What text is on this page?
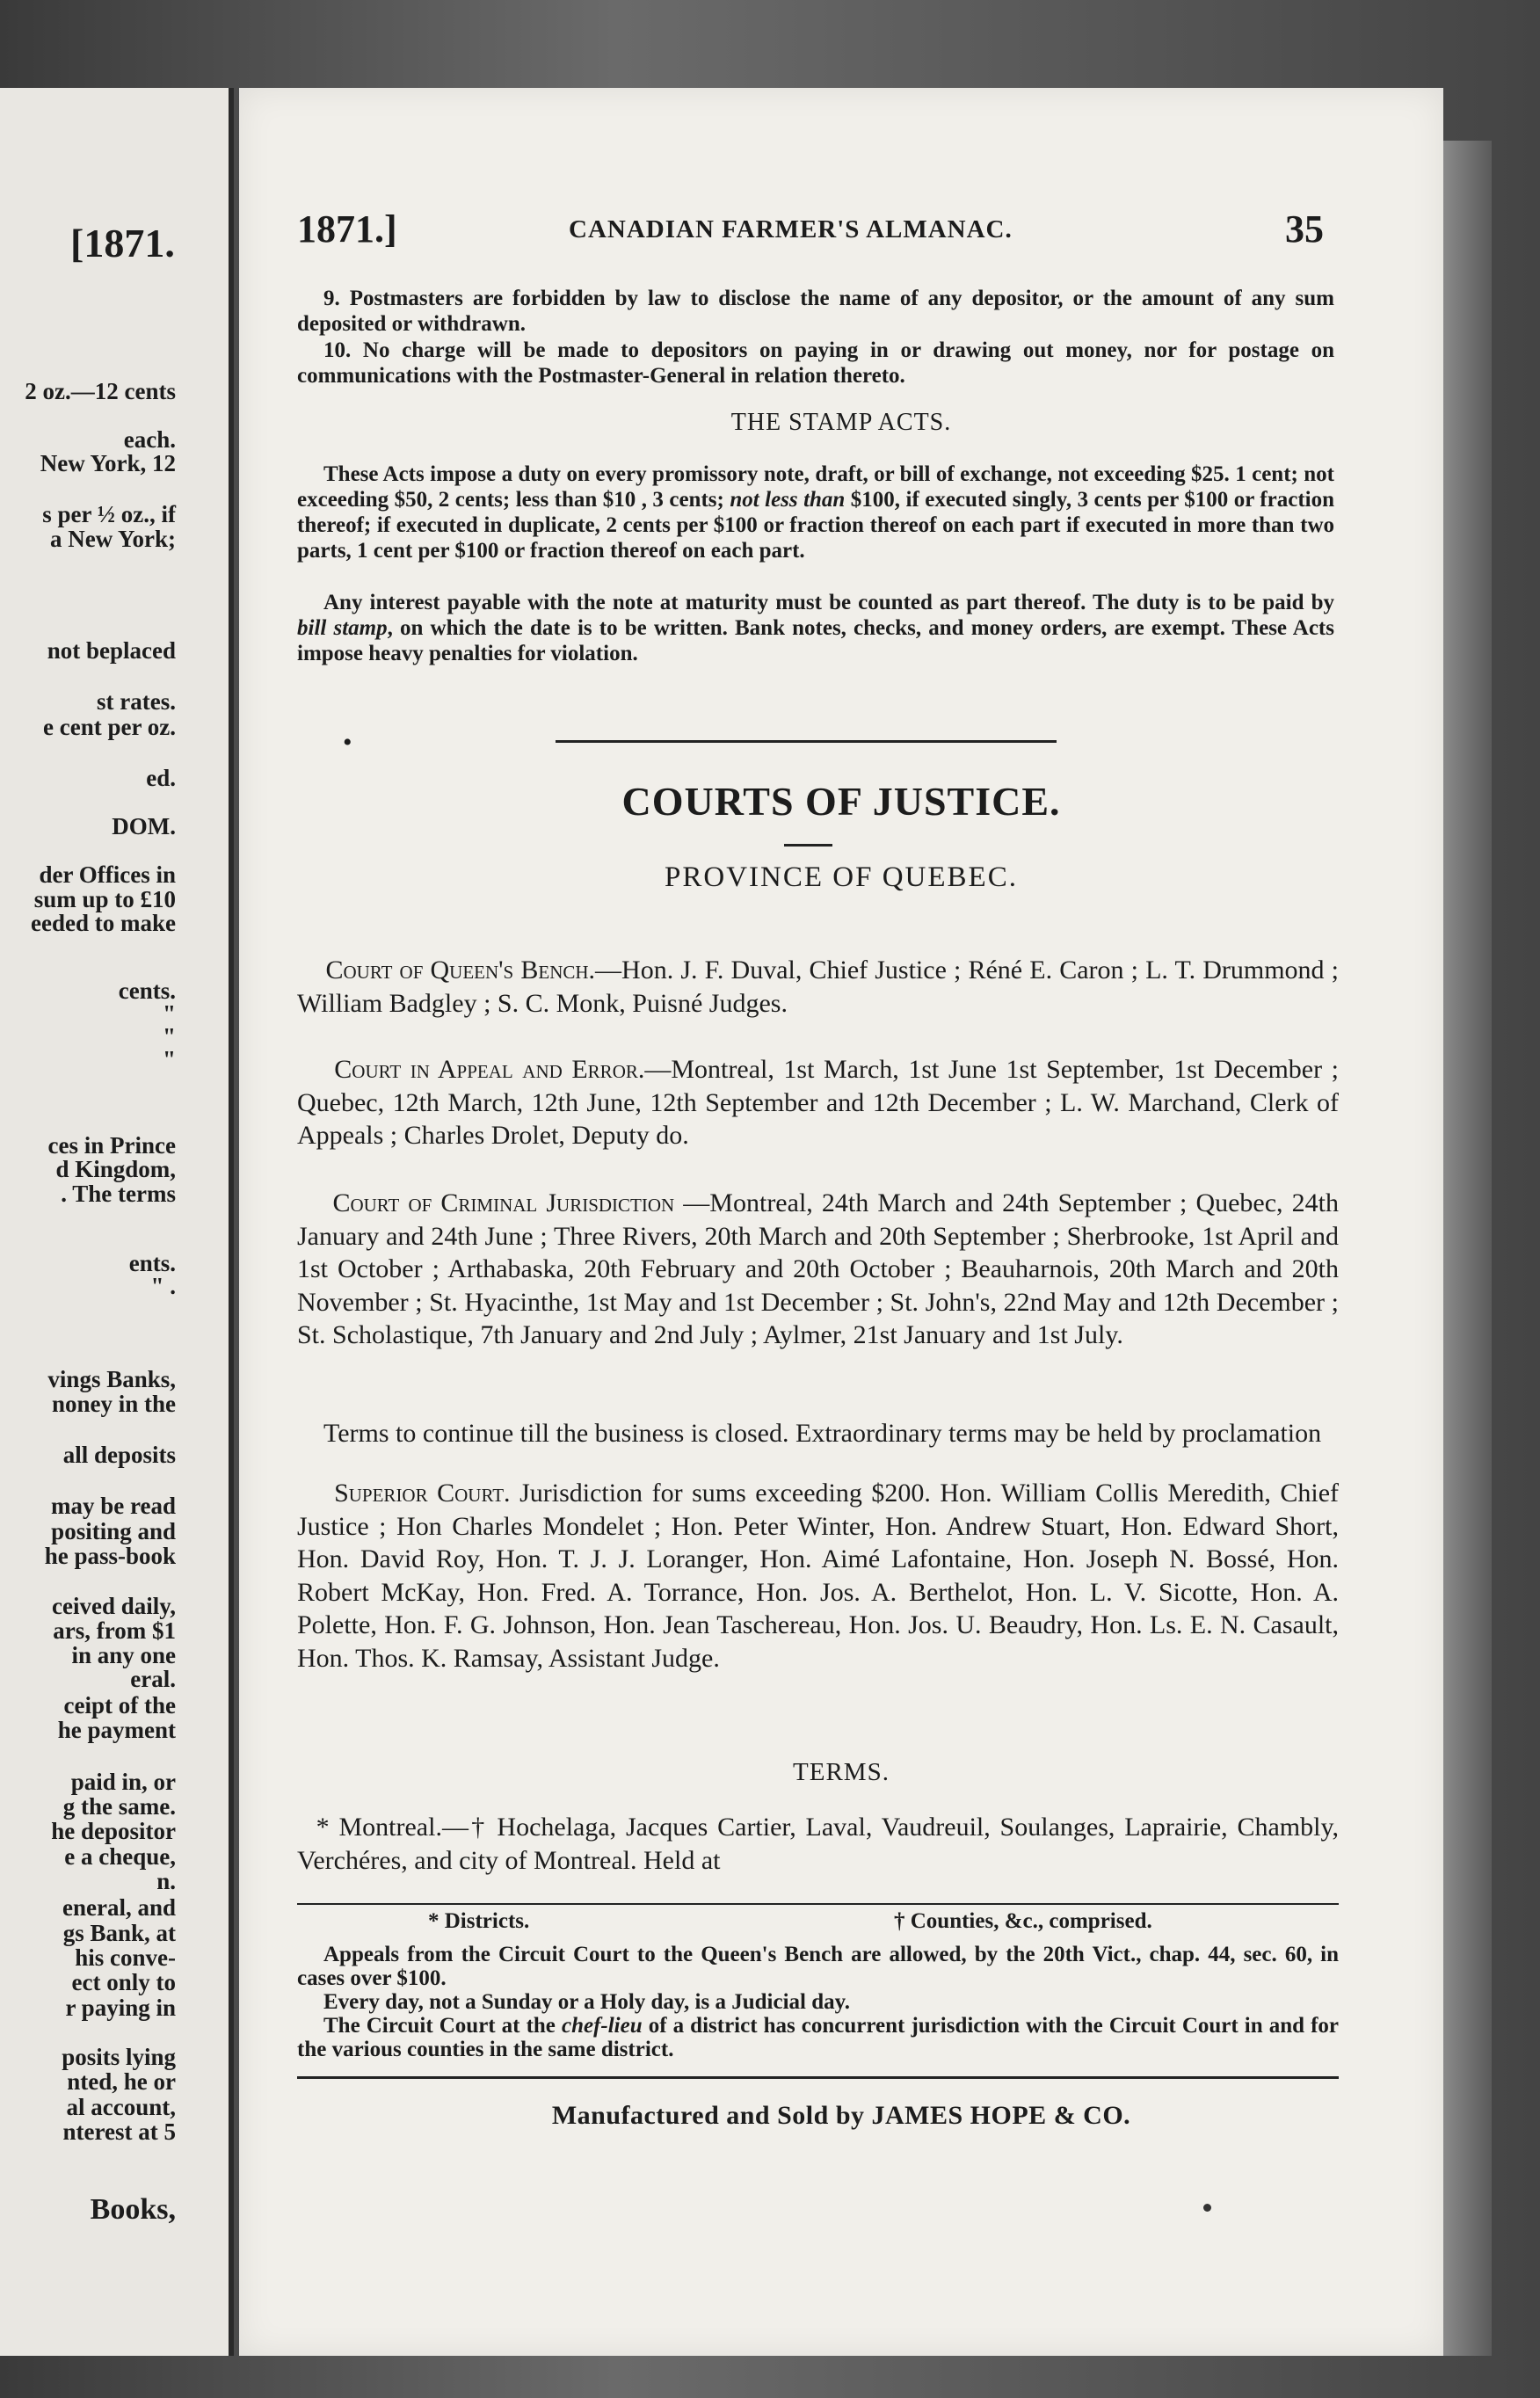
[1871.
2 oz.—12 cents
each.
New York, 12
s per ½ oz., if
a New York;
not beplaced
st rates.
e cent per oz.
ed.
DOM.
der Offices in
sum up to £10
eeded to make
cents.
"
"
"
ces in Prince
d Kingdom,
. The terms
ents.
" .
vings Banks,
noney in the
all deposits
may be read
positing and
he pass-book
ceived daily,
ars, from $1
in any one
eral.
ceipt of the
he payment
paid in, or
g the same.
he depositor
e a cheque,
n.
eneral, and
gs Bank, at
his conve-
ect only to
r paying in
posits lying
nted, he or
al account,
nterest at 5
Books,
1871.]	CANADIAN FARMER'S ALMANAC.	35
9. Postmasters are forbidden by law to disclose the name of any depositor, or the amount of any sum deposited or withdrawn.
10. No charge will be made to depositors on paying in or drawing out money, nor for postage on communications with the Postmaster-General in relation thereto.
THE STAMP ACTS.
These Acts impose a duty on every promissory note, draft, or bill of exchange, not exceeding $25. 1 cent; not exceeding $50, 2 cents; less than $10 , 3 cents; not less than $100, if executed singly, 3 cents per $100 or fraction thereof; if executed in duplicate, 2 cents per $100 or fraction thereof on each part if executed in more than two parts, 1 cent per $100 or fraction thereof on each part.
Any interest payable with the note at maturity must be counted as part thereof. The duty is to be paid by bill stamp, on which the date is to be written. Bank notes, checks, and money orders, are exempt. These Acts impose heavy penalties for violation.
•
COURTS OF JUSTICE.
PROVINCE OF QUEBEC.
Court of Queen's Bench.—Hon. J. F. Duval, Chief Justice ; Réné E. Caron ; L. T. Drummond ; William Badgley ; S. C. Monk, Puisné Judges.
Court in Appeal and Error.—Montreal, 1st March, 1st June 1st September, 1st December ; Quebec, 12th March, 12th June, 12th September and 12th December ; L. W. Marchand, Clerk of Appeals ; Charles Drolet, Deputy do.
Court of Criminal Jurisdiction —Montreal, 24th March and 24th September ; Quebec, 24th January and 24th June ; Three Rivers, 20th March and 20th September ; Sherbrooke, 1st April and 1st October ; Arthabaska, 20th February and 20th October ; Beauharnois, 20th March and 20th November ; St. Hyacinthe, 1st May and 1st December ; St. John's, 22nd May and 12th December ; St. Scholastique, 7th January and 2nd July ; Aylmer, 21st January and 1st July.
Terms to continue till the business is closed. Extraordinary terms may be held by proclamation
Superior Court. Jurisdiction for sums exceeding $200. Hon. William Collis Meredith, Chief Justice ; Hon Charles Mondelet ; Hon. Peter Winter, Hon. Andrew Stuart, Hon. Edward Short, Hon. David Roy, Hon. T. J. J. Loranger, Hon. Aimé Lafontaine, Hon. Joseph N. Bossé, Hon. Robert McKay, Hon. Fred. A. Torrance, Hon. Jos. A. Berthelot, Hon. L. V. Sicotte, Hon. A. Polette, Hon. F. G. Johnson, Hon. Jean Taschereau, Hon. Jos. U. Beaudry, Hon. Ls. E. N. Casault, Hon. Thos. K. Ramsay, Assistant Judge.
TERMS.
* Montreal.—† Hochelaga, Jacques Cartier, Laval, Vaudreuil, Soulanges, Laprairie, Chambly, Verchéres, and city of Montreal. Held at
* Districts.	† Counties, &c., comprised.
Appeals from the Circuit Court to the Queen's Bench are allowed, by the 20th Vict., chap. 44, sec. 60, in cases over $100.
Every day, not a Sunday or a Holy day, is a Judicial day.
The Circuit Court at the chef-lieu of a district has concurrent jurisdiction with the Circuit Court in and for the various counties in the same district.
Manufactured and Sold by JAMES HOPE & CO.
